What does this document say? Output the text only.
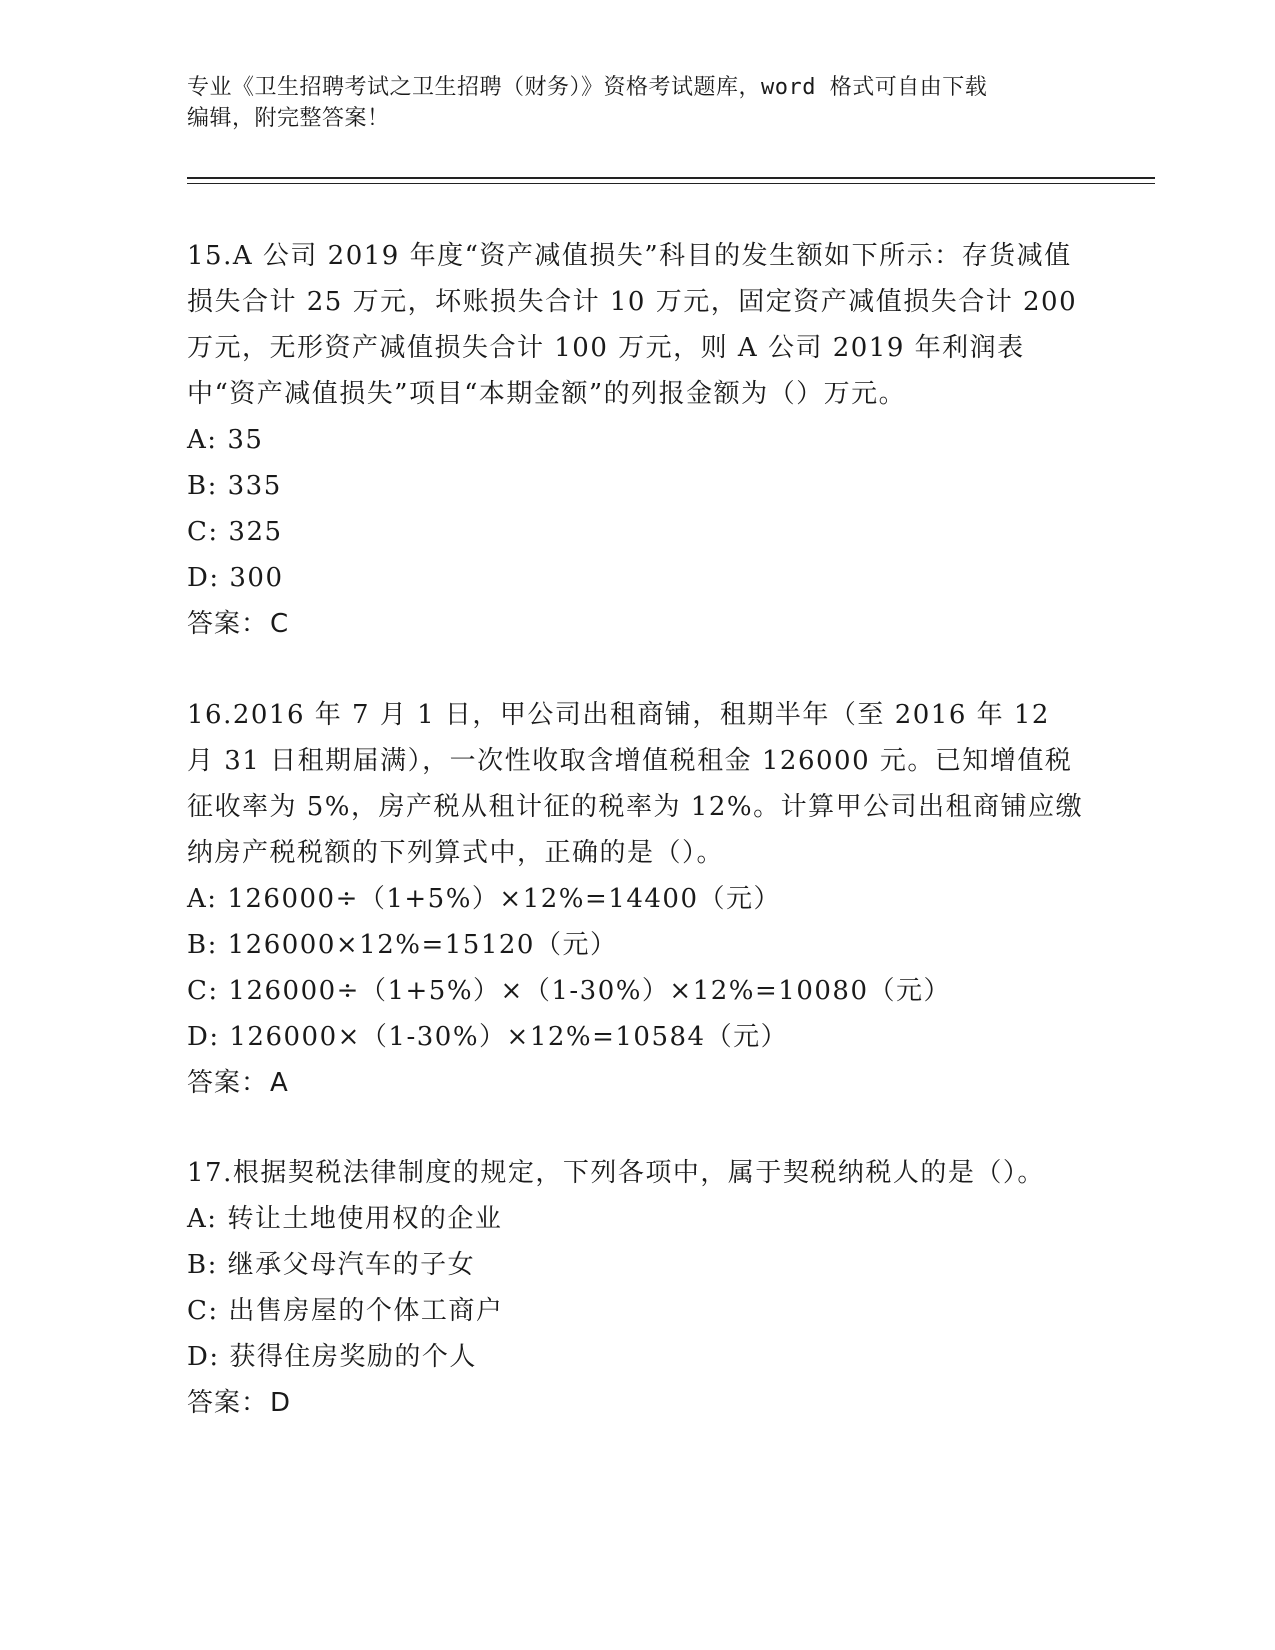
专业《卫生招聘考试之卫生招聘（财务）》资格考试题库，word 格式可自由下载
编辑，附完整答案！

15.A 公司 2019 年度“资产减值损失”科目的发生额如下所示：存货减值损失合计 25 万元，坏账损失合计 10 万元，固定资产减值损失合计 200 万元，无形资产减值损失合计 100 万元，则 A 公司 2019 年利润表中“资产减值损失”项目“本期金额”的列报金额为（）万元。

A: 35

B: 335

C: 325

D: 300

答案：C

16.2016 年 7 月 1 日，甲公司出租商铺，租期半年（至 2016 年 12 月 31 日租期届满），一次性收取含增值税租金 126000 元。已知增值税征收率为 5%，房产税从租计征的税率为 12%。计算甲公司出租商铺应缴纳房产税税额的下列算式中，正确的是（）。

A: 126000÷（1+5%）×12%=14400（元）

B: 126000×12%=15120（元）

C: 126000÷（1+5%）×（1-30%）×12%=10080（元）

D: 126000×（1-30%）×12%=10584（元）

答案：A

17.根据契税法律制度的规定，下列各项中，属于契税纳税人的是（）。

A: 转让土地使用权的企业

B: 继承父母汽车的子女

C: 出售房屋的个体工商户

D: 获得住房奖励的个人

答案：D
